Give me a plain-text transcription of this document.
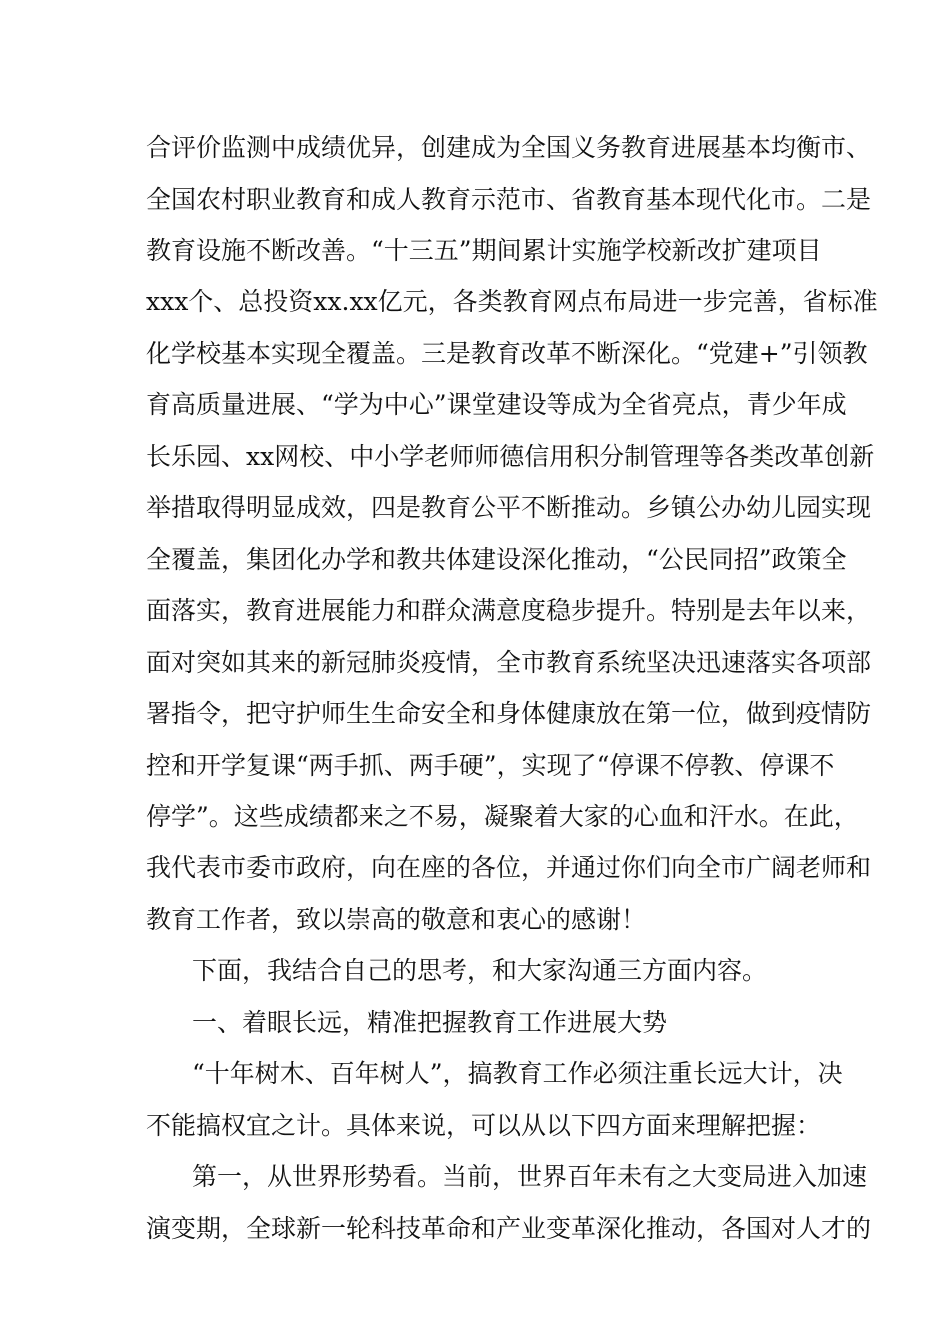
合评价监测中成绩优异，创建成为全国义务教育进展基本均衡市、
全国农村职业教育和成人教育示范市、省教育基本现代化市。二是
教育设施不断改善。“十三五”期间累计实施学校新改扩建项目
xxx个、总投资xx.xx亿元，各类教育网点布局进一步完善，省标准
化学校基本实现全覆盖。三是教育改革不断深化。“党建+”引领教
育高质量进展、“学为中心”课堂建设等成为全省亮点，青少年成
长乐园、xx网校、中小学老师师德信用积分制管理等各类改革创新
举措取得明显成效，四是教育公平不断推动。乡镇公办幼儿园实现
全覆盖，集团化办学和教共体建设深化推动，“公民同招”政策全
面落实，教育进展能力和群众满意度稳步提升。特别是去年以来，
面对突如其来的新冠肺炎疫情，全市教育系统坚决迅速落实各项部
署指令，把守护师生生命安全和身体健康放在第一位，做到疫情防
控和开学复课“两手抓、两手硬”，实现了“停课不停教、停课不
停学”。这些成绩都来之不易，凝聚着大家的心血和汗水。在此，
我代表市委市政府，向在座的各位，并通过你们向全市广阔老师和
教育工作者，致以崇高的敬意和衷心的感谢！
下面，我结合自己的思考，和大家沟通三方面内容。
一、着眼长远，精准把握教育工作进展大势
“十年树木、百年树人”，搞教育工作必须注重长远大计，决
不能搞权宜之计。具体来说，可以从以下四方面来理解把握：
第一，从世界形势看。当前，世界百年未有之大变局进入加速
演变期，全球新一轮科技革命和产业变革深化推动，各国对人才的
